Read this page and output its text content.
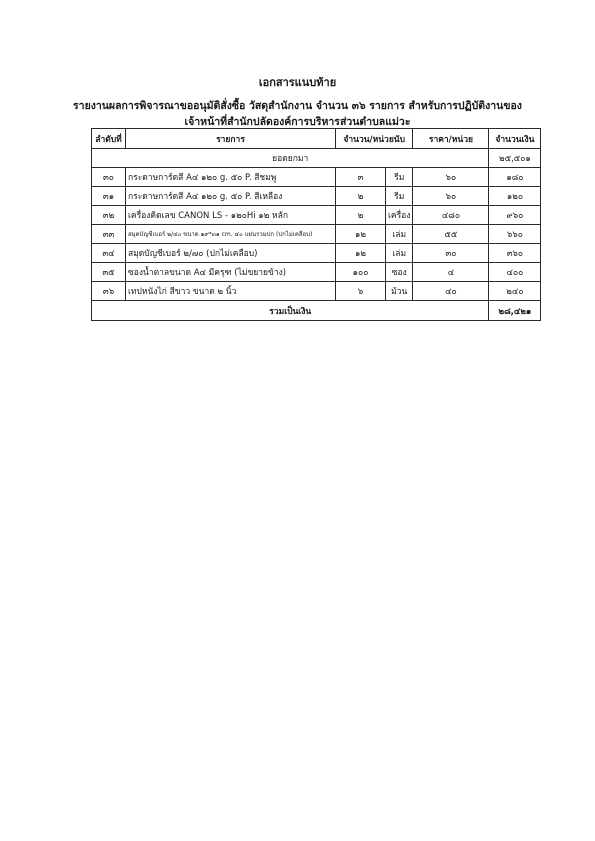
เอกสารแนบท้าย
รายงานผลการพิจารณาขออนุมัติสั่งซื้อ วัสดุสำนักงาน จำนวน ๓๖ รายการ สำหรับการปฏิบัติงานของ
เจ้าหน้าที่สำนักปลัดองค์การบริหารส่วนตำบลแม่วะ
ลำดับที่	รายการ	จำนวน/หน่วยนับ		ราคา/หน่วย	จำนวนเงิน
ยอดยกมา					๒๕,๕๐๑
๓๐	กระดาษการ์ดสี A๔ ๑๒๐ g. ๕๐ P. สีชมพู	๓	รีม	๖๐	๑๘๐
๓๑	กระดาษการ์ดสี A๔ ๑๒๐ g. ๕๐ P. สีเหลือง	๒	รีม	๖๐	๑๒๐
๓๒	เครื่องคิดเลข CANON LS - ๑๒๐Hi ๑๒ หลัก	๒	เครื่อง	๔๘๐	๙๖๐
๓๓	สมุดบัญชีเบอร์ ๒/๔๐ ขนาด ๑๙*๓๑ cm. ๔๐ แผ่นรวมปก (ปกไม่เคลือบ)	๑๒	เล่ม	๕๕	๖๖๐
๓๔	สมุดบัญชีเบอร์ ๒/๗๐ (ปกไม่เคลือบ)	๑๒	เล่ม	๓๐	๓๖๐
๓๕	ซองน้ำตาลขนาด A๔ มีครุฑ (ไม่ขยายข้าง)	๑๐๐	ซอง	๔	๔๐๐
๓๖	เทปหนังไก่ สีขาว ขนาด ๒ นิ้ว	๖	ม้วน	๔๐	๒๔๐
รวมเป็นเงิน					๒๘,๔๒๑
